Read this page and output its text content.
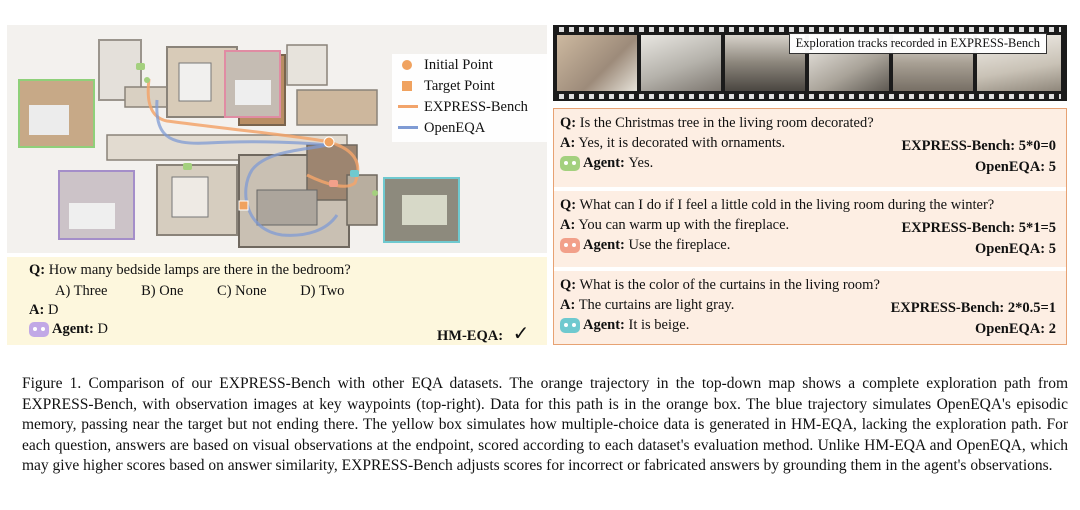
Initial Point
Target Point
EXPRESS-Bench
OpenEQA
Q: How many bedside lamps are there in the bedroom?
A) Three B) One C) None D) Two
A: D
Agent:
D	HM-EQA: ✓
Exploration tracks recorded in EXPRESS-Bench
Q: Is the Christmas tree in the living room decorated?
A: Yes, it is decorated with ornaments.
Agent:
Yes.
EXPRESS-Bench: 5*0=0
OpenEQA: 5
Q: What can I do if I feel a little cold in the living room during the winter?
A: You can warm up with the fireplace.
Agent:
Use the fireplace.
EXPRESS-Bench: 5*1=5
OpenEQA: 5
Q: What is the color of the curtains in the living room?
A: The curtains are light gray.
Agent:
It is beige.
EXPRESS-Bench: 2*0.5=1
OpenEQA: 2
Figure 1. Comparison of our EXPRESS-Bench with other EQA datasets. The orange trajectory in the top-down map shows a complete exploration path from EXPRESS-Bench, with observation images at key waypoints (top-right). Data for this path is in the orange box. The blue trajectory simulates OpenEQA's episodic memory, passing near the target but not ending there. The yellow box simulates how multiple-choice data is generated in HM-EQA, lacking the exploration path. For each question, answers are based on visual observations at the endpoint, scored according to each dataset's evaluation method. Unlike HM-EQA and OpenEQA, which may give higher scores based on answer similarity, EXPRESS-Bench adjusts scores for incorrect or fabricated answers by grounding them in the agent's observations.
